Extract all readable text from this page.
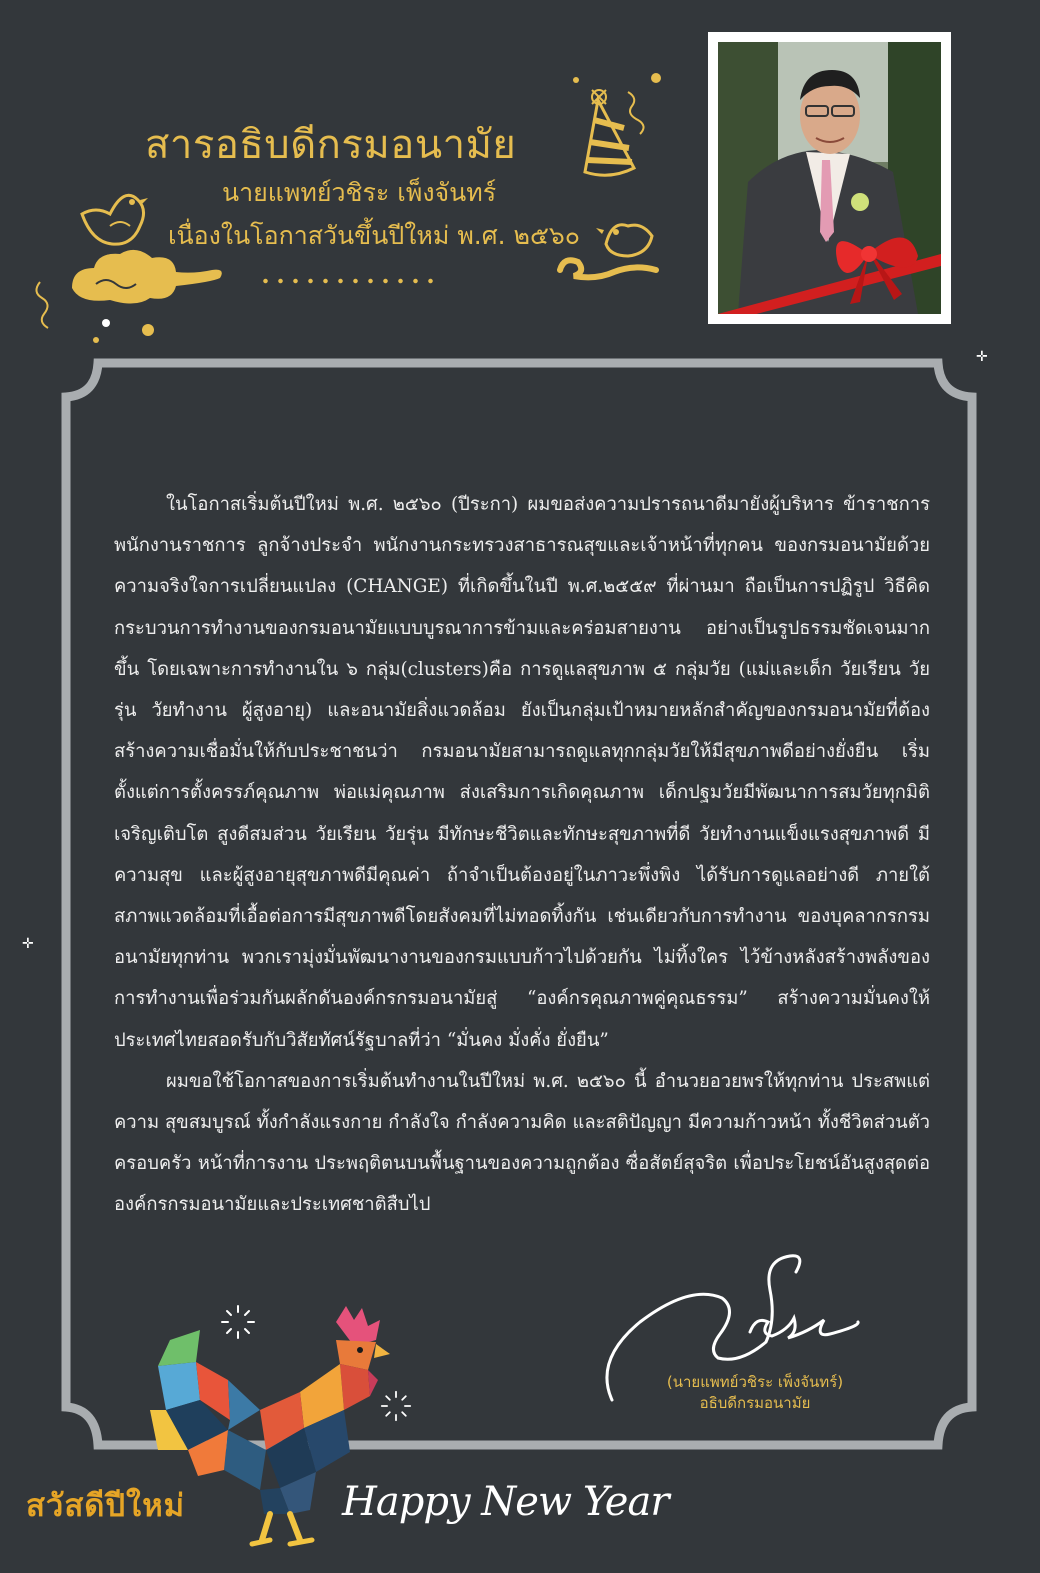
สารอธิบดีกรมอนามัย
นายแพทย์วชิระ เพ็งจันทร์
เนื่องในโอกาสวันขึ้นปีใหม่ พ.ศ. ๒๕๖๐
✛
✛

ในโอกาสเริ่มต้นปีใหม่ พ.ศ. ๒๕๖๐ (ปีระกา) ผมขอส่งความปรารถนาดีมายังผู้บริหาร ข้าราชการ พนักงานราชการ ลูกจ้างประจำ พนักงานกระทรวงสาธารณสุขและเจ้าหน้าที่ทุกคน ของกรมอนามัยด้วยความจริงใจการเปลี่ยนแปลง (CHANGE) ที่เกิดขึ้นในปี พ.ศ.๒๕๕๙ ที่ผ่านมา ถือเป็นการปฏิรูป วิธีคิดกระบวนการทำงานของกรมอนามัยแบบบูรณาการข้ามและคร่อมสายงาน อย่างเป็นรูปธรรมชัดเจนมากขึ้น โดยเฉพาะการทำงานใน ๖ กลุ่ม(clusters)คือ การดูแลสุขภาพ ๕ กลุ่มวัย (แม่และเด็ก วัยเรียน วัยรุ่น วัยทำงาน ผู้สูงอายุ) และอนามัยสิ่งแวดล้อม ยังเป็นกลุ่มเป้าหมายหลักสำคัญของกรมอนามัยที่ต้องสร้างความเชื่อมั่นให้กับประชาชนว่า กรมอนามัยสามารถดูแลทุกกลุ่มวัยให้มีสุขภาพดีอย่างยั่งยืน เริ่มตั้งแต่การตั้งครรภ์คุณภาพ พ่อแม่คุณภาพ ส่งเสริมการเกิดคุณภาพ เด็กปฐมวัยมีพัฒนาการสมวัยทุกมิติ เจริญเติบโต สูงดีสมส่วน วัยเรียน วัยรุ่น มีทักษะชีวิตและทักษะสุขภาพที่ดี วัยทำงานแข็งแรงสุขภาพดี มีความสุข และผู้สูงอายุสุขภาพดีมีคุณค่า ถ้าจำเป็นต้องอยู่ในภาวะพึ่งพิง ได้รับการดูแลอย่างดี ภายใต้สภาพแวดล้อมที่เอื้อต่อการมีสุขภาพดีโดยสังคมที่ไม่ทอดทิ้งกัน เช่นเดียวกับการทำงาน ของบุคลากรกรมอนามัยทุกท่าน พวกเรามุ่งมั่นพัฒนางานของกรมแบบก้าวไปด้วยกัน ไม่ทิ้งใคร ไว้ข้างหลังสร้างพลังของการทำงานเพื่อร่วมกันผลักดันองค์กรกรมอนามัยสู่ “องค์กรคุณภาพคู่คุณธรรม” สร้างความมั่นคงให้ประเทศไทยสอดรับกับวิสัยทัศน์รัฐบาลที่ว่า “มั่นคง มั่งคั่ง ยั่งยืน”

ผมขอใช้โอกาสของการเริ่มต้นทำงานในปีใหม่ พ.ศ. ๒๕๖๐ นี้ อำนวยอวยพรให้ทุกท่าน ประสพแต่ความ สุขสมบูรณ์ ทั้งกำลังแรงกาย กำลังใจ กำลังความคิด และสติปัญญา มีความก้าวหน้า ทั้งชีวิตส่วนตัว ครอบครัว หน้าที่การงาน ประพฤติตนบนพื้นฐานของความถูกต้อง ซื่อสัตย์สุจริต เพื่อประโยชน์อันสูงสุดต่อองค์กรกรมอนามัยและประเทศชาติสืบไป

(นายแพทย์วชิระ เพ็งจันทร์)
อธิบดีกรมอนามัย
สวัสดีปีใหม่	Happy New Year
